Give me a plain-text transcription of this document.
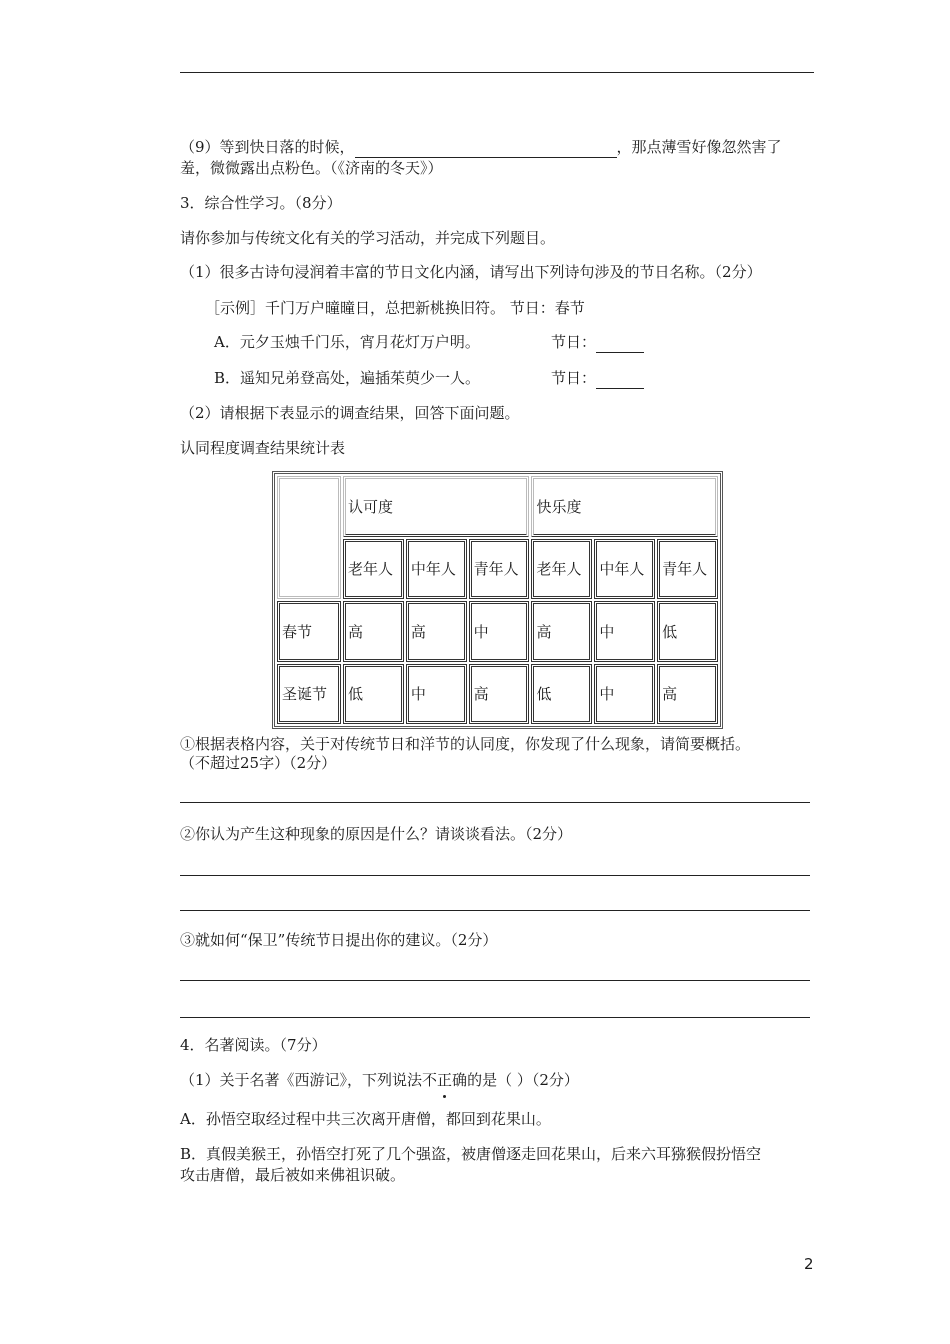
（9）等到快日落的时候，	，那点薄雪好像忽然害了
羞，微微露出点粉色。（《济南的冬天》）
3．综合性学习。（8分）
请你参加与传统文化有关的学习活动，并完成下列题目。
（1）很多古诗句浸润着丰富的节日文化内涵，请写出下列诗句涉及的节日名称。（2分）
［示例］千门万户曈曈日，总把新桃换旧符。 节日：春节
A．元夕玉烛千门乐，宵月花灯万户明。	节日：
B．遥知兄弟登高处，遍插茱萸少一人。	节日：
（2）请根据下表显示的调查结果，回答下面问题。
认同程度调查结果统计表
	认可度			快乐度		
	老年人	中年人	青年人	老年人	中年人	青年人
春节	高	高	中	高	中	低
圣诞节	低	中	高	低	中	高
①根据表格内容，关于对传统节日和洋节的认同度，你发现了什么现象，请简要概括。
（不超过25字）（2分）
②你认为产生这种现象的原因是什么？请谈谈看法。（2分）
③就如何“保卫”传统节日提出你的建议。（2分）
4．名著阅读。（7分）
（1）关于名著《西游记》，下列说法不正确的是（ ）（2分）
A．孙悟空取经过程中共三次离开唐僧，都回到花果山。
B．真假美猴王，孙悟空打死了几个强盗，被唐僧逐走回花果山，后来六耳猕猴假扮悟空
攻击唐僧，最后被如来佛祖识破。
2
